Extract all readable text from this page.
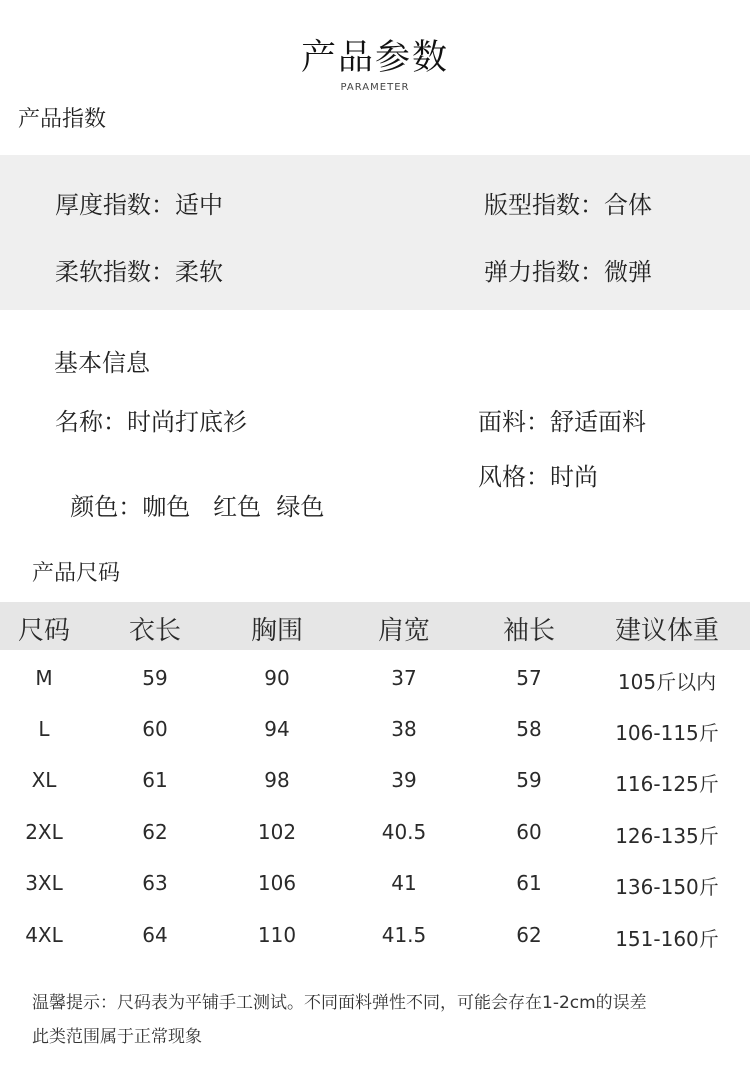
产品参数
PARAMETER
产品指数
厚度指数：适中	版型指数：合体
柔软指数：柔软	弹力指数：微弹
基本信息
名称：时尚打底衫	面料：舒适面料

颜色：咖色   红色  绿色

风格：时尚
产品尺码
尺码 衣长	胸围	肩宽	袖长 建议体重
M	59	90	37	57	105斤以内
L	60	94	38	58	106-115斤
XL	61	98	39	59	116-125斤
2XL	62	102	40.5	60	126-135斤
3XL	63	106	41	61	136-150斤
4XL	64	110	41.5	62	151-160斤
温馨提示：尺码表为平铺手工测试。不同面料弹性不同，可能会存在1-2cm的误差
此类范围属于正常现象
